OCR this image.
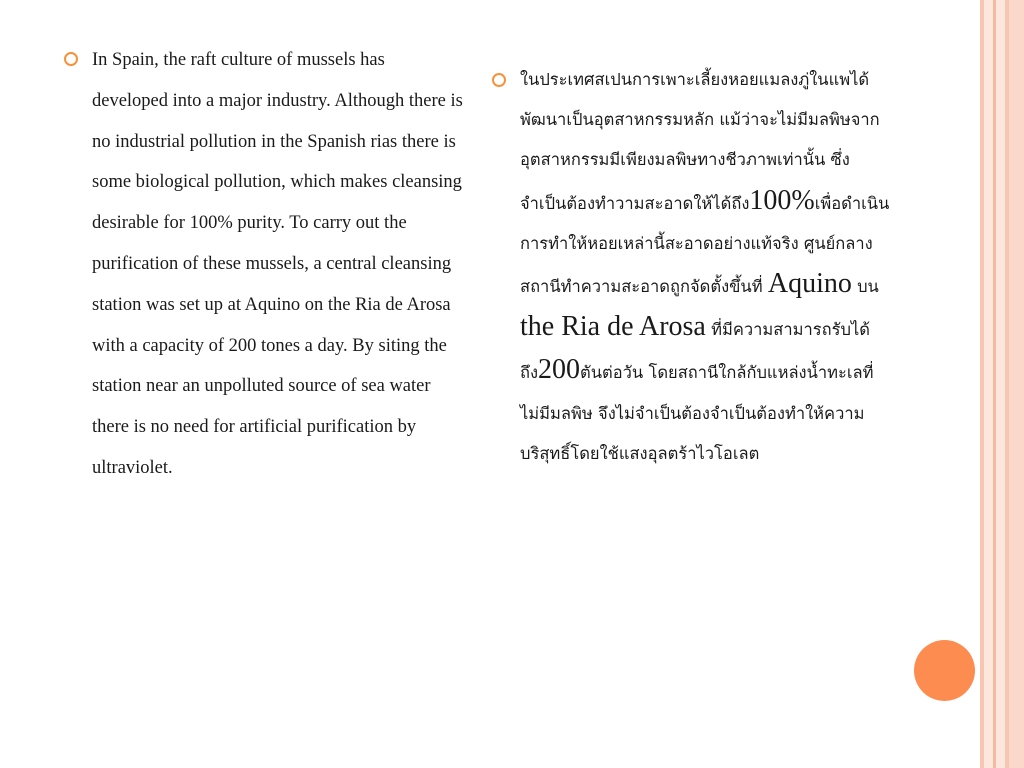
In Spain, the raft culture of mussels has developed into a major industry. Although there is no industrial pollution in the Spanish rias there is some biological pollution, which makes cleansing desirable for 100% purity. To carry out the purification of these mussels, a central cleansing station was set up at Aquino on the Ria de Arosa with a capacity of 200 tones a day. By siting the station near an unpolluted source of sea water there is no need for artificial purification by ultraviolet.

ในประเทศสเปนการเพาะเลี้ยงหอยแมลงภู่ในแพได้พัฒนาเป็นอุตสาหกรรมหลัก แม้ว่าจะไม่มีมลพิษจากอุตสาหกรรมมีเพียงมลพิษทางชีวภาพเท่านั้น ซึ่งจำเป็นต้องทำวามสะอาดให้ได้ถึง100%เพื่อดำเนินการทำให้หอยเหล่านี้สะอาดอย่างแท้จริง ศูนย์กลางสถานีทำความสะอาดถูกจัดตั้งขึ้นที่ Aquino บน the Ria de Arosa ที่มีความสามารถรับได้ถึง200ตันต่อวัน โดยสถานีใกล้กับแหล่งน้ำทะเลที่ไม่มีมลพิษ จึงไม่จำเป็นต้องจำเป็นต้องทำให้ความบริสุทธิ์โดยใช้แสงอุลตร้าไวโอเลต
